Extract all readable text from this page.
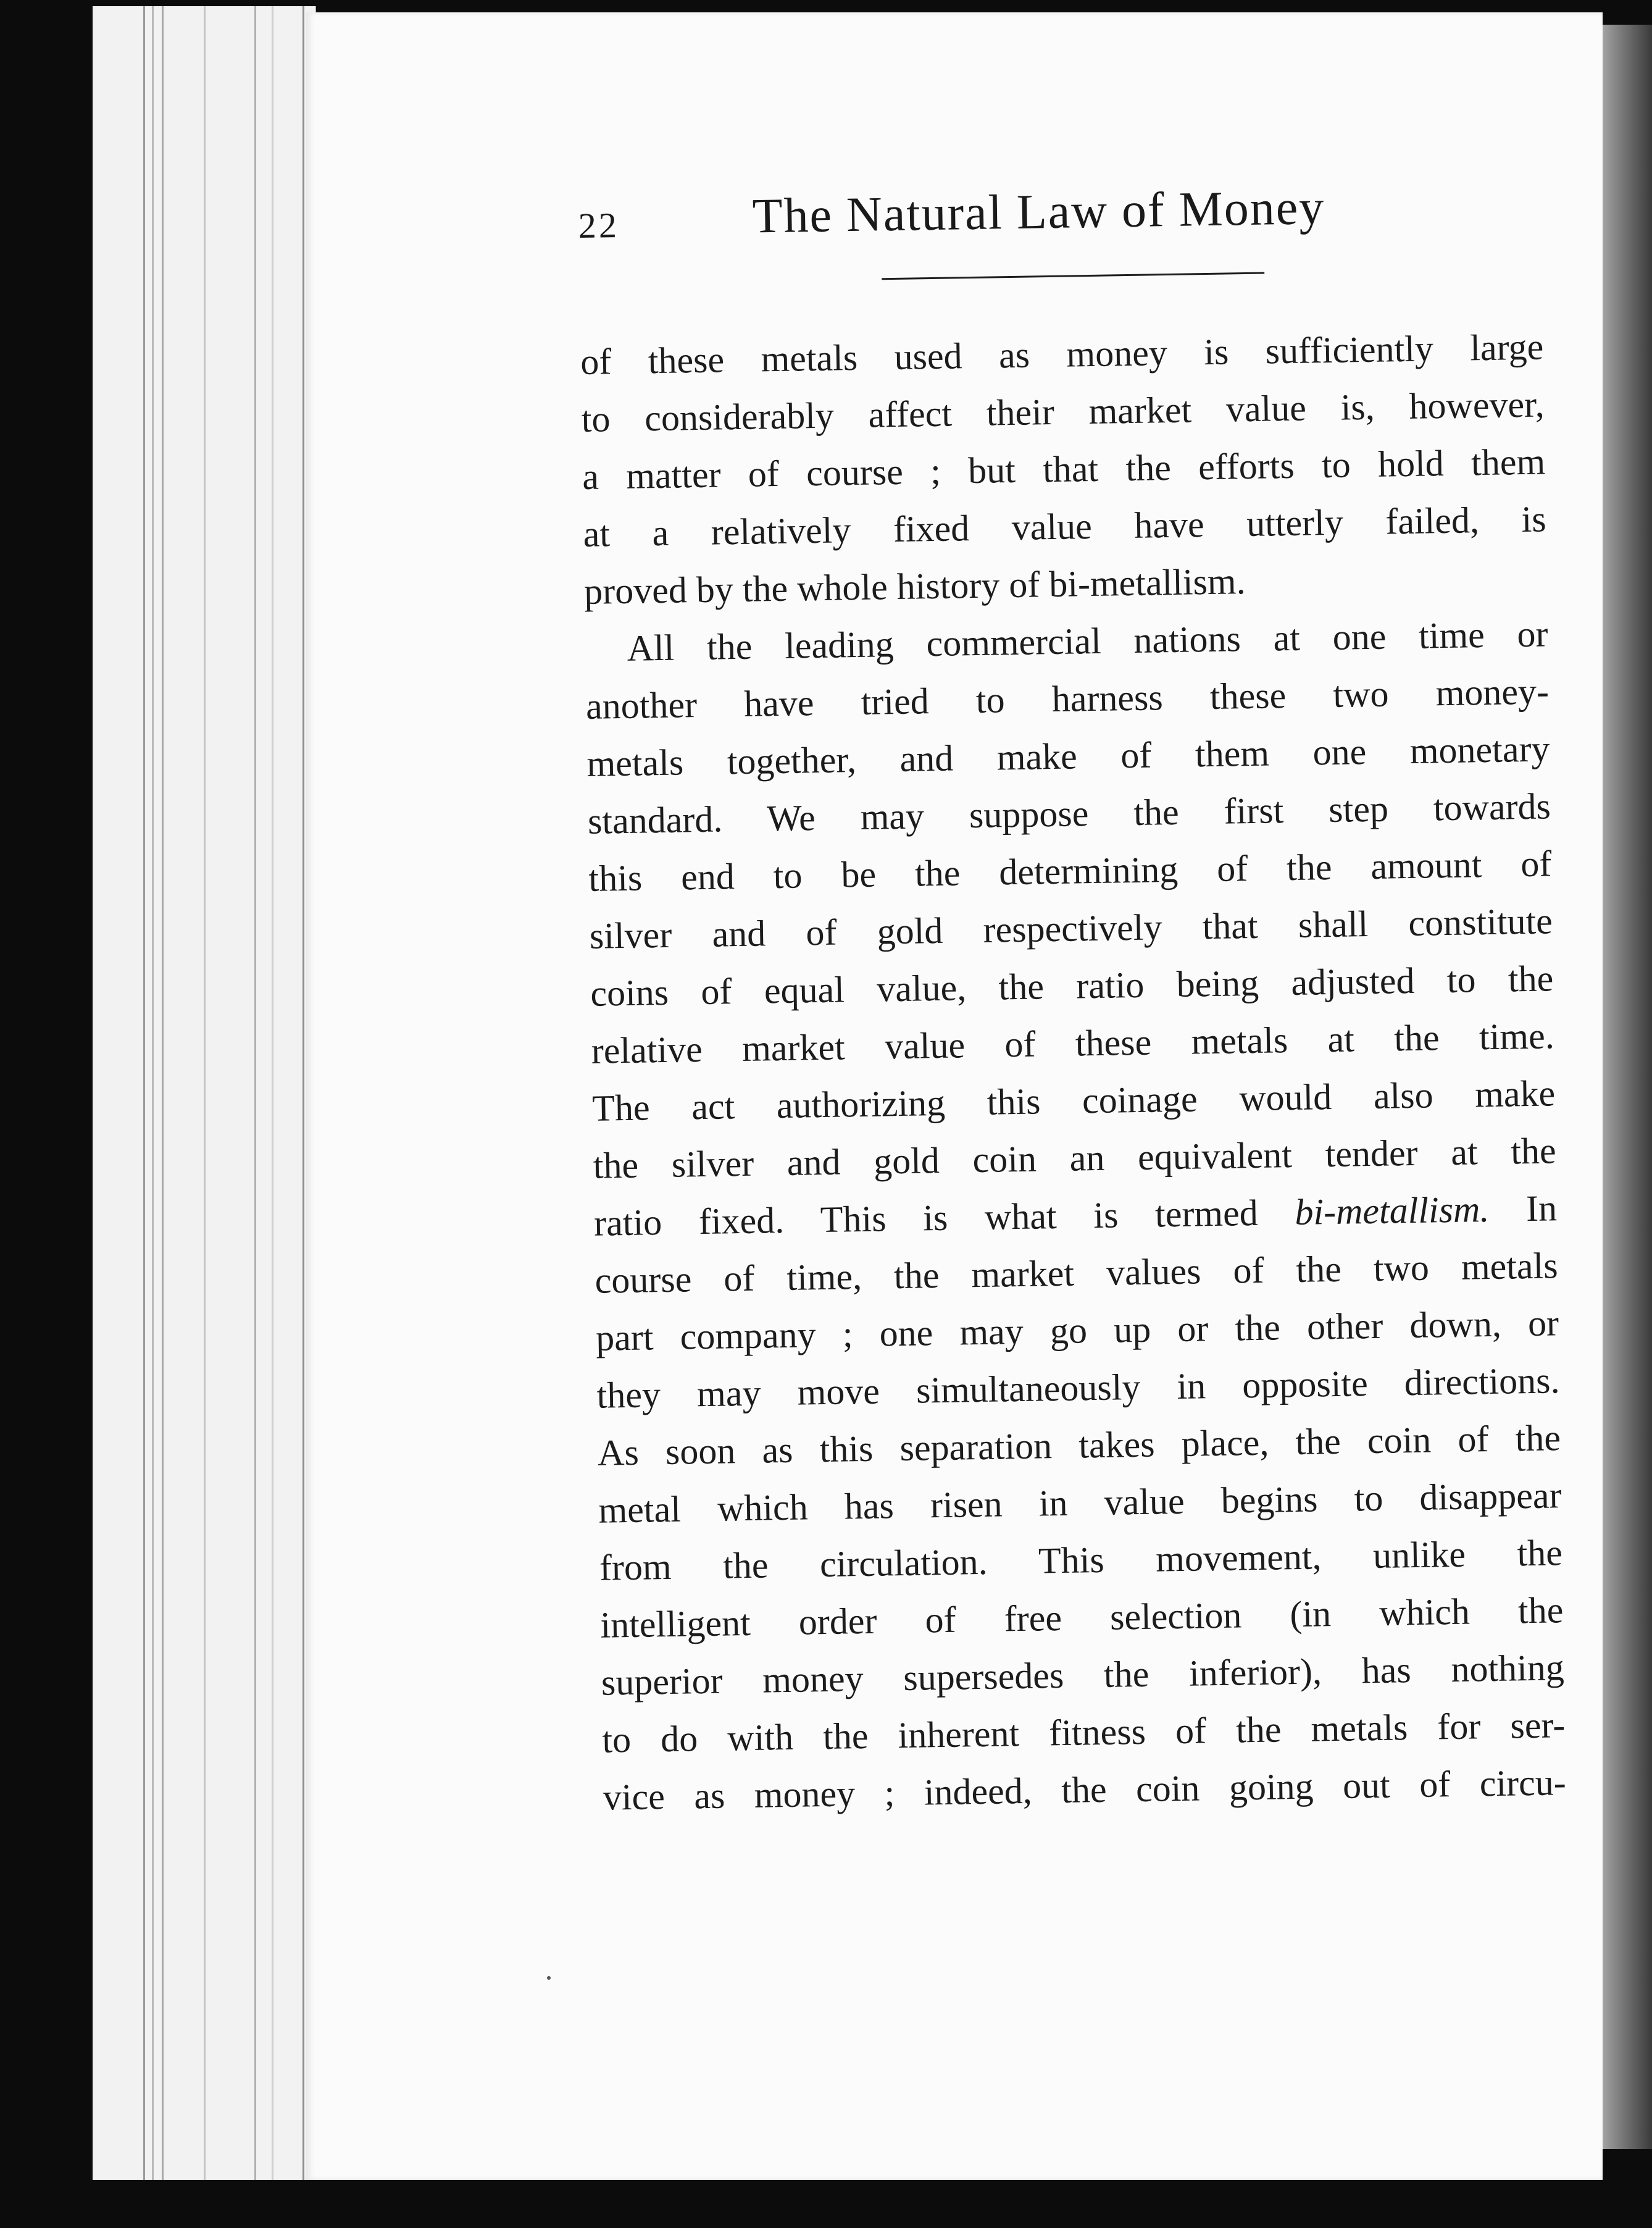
22	The Natural Law of Money
of these metals used as money is sufficiently large
to considerably affect their market value is, however,
a matter of course ; but that the efforts to hold them
at a relatively fixed value have utterly failed, is
proved by the whole history of bi-metallism.
All the leading commercial nations at one time or
another have tried to harness these two money-
metals together, and make of them one monetary
standard. We may suppose the first step towards
this end to be the determining of the amount of
silver and of gold respectively that shall constitute
coins of equal value, the ratio being adjusted to the
relative market value of these metals at the time.
The act authorizing this coinage would also make
the silver and gold coin an equivalent tender at the
ratio fixed. This is what is termed bi-metallism. In
course of time, the market values of the two metals
part company ; one may go up or the other down, or
they may move simultaneously in opposite directions.
As soon as this separation takes place, the coin of the
metal which has risen in value begins to disappear
from the circulation. This movement, unlike the
intelligent order of free selection (in which the
superior money supersedes the inferior), has nothing
to do with the inherent fitness of the metals for ser-
vice as money ; indeed, the coin going out of circu-
